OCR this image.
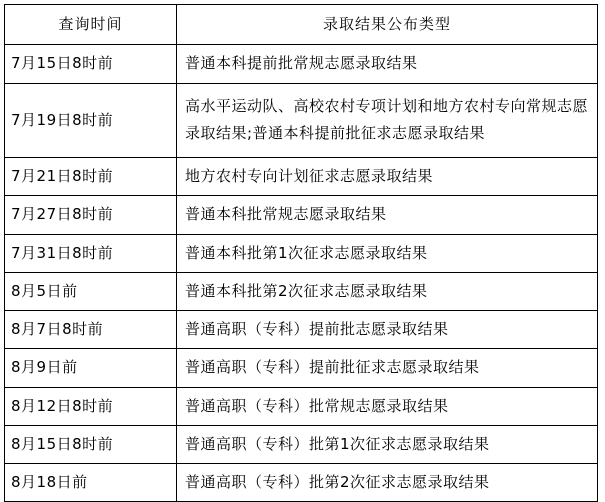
查询时间	录取结果公布类型
7月15日8时前	普通本科提前批常规志愿录取结果
7月19日8时前	高水平运动队、高校农村专项计划和地方农村专向常规志愿录取结果;普通本科提前批征求志愿录取结果

7月21日8时前	地方农村专向计划征求志愿录取结果
7月27日8时前	普通本科批常规志愿录取结果
7月31日8时前	普通本科批第1次征求志愿录取结果
8月5日前	普通本科批第2次征求志愿录取结果
8月7日8时前	普通高职（专科）提前批志愿录取结果
8月9日前	普通高职（专科）提前批征求志愿录取结果
8月12日8时前	普通高职（专科）批常规志愿录取结果
8月15日8时前	普通高职（专科）批第1次征求志愿录取结果
8月18日前	普通高职（专科）批第2次征求志愿录取结果
